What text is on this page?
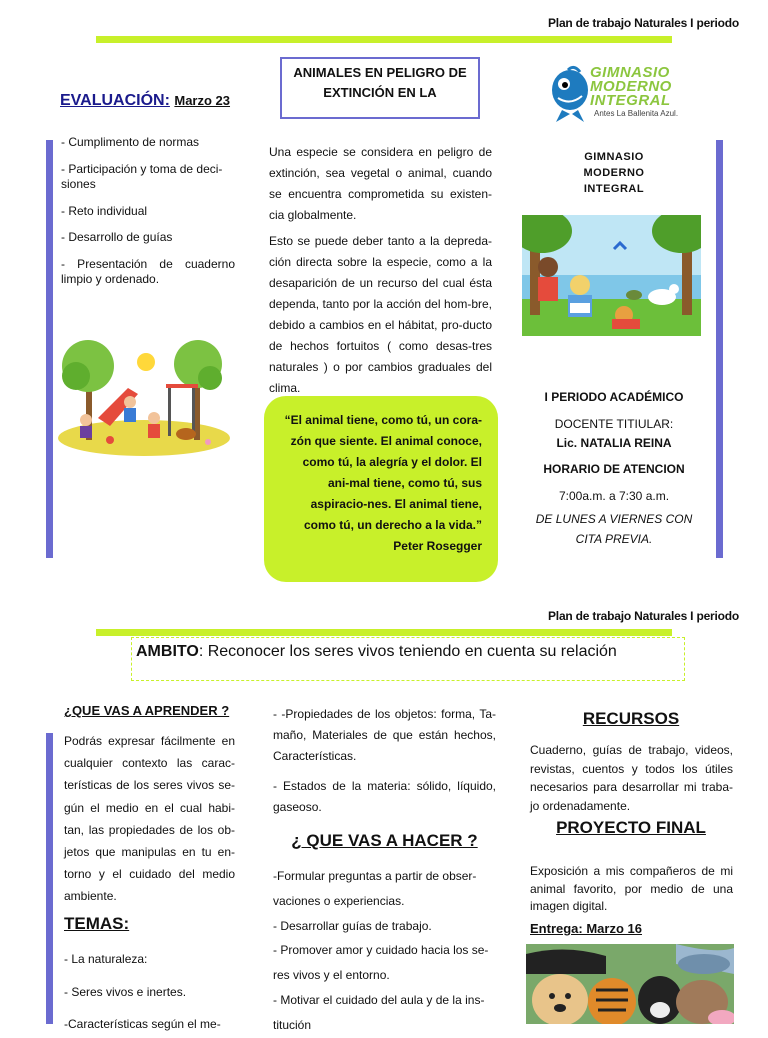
Plan de trabajo Naturales I periodo
EVALUACIÓN: Marzo 23

- Cumplimento de normas

- Participación y toma de deci-siones

- Reto individual

- Desarrollo de guías

- Presentación de cuaderno limpio y ordenado.

ANIMALES EN PELIGRO DE EXTINCIÓN EN LA

Una especie se considera en peligro de extinción, sea vegetal o animal, cuando se encuentra comprometida su existen-cia globalmente.

Esto se puede deber tanto a la depreda-ción directa sobre la especie, como a la desaparición de un recurso del cual ésta dependa, tanto por la acción del hom-bre, debido a cambios en el hábitat, pro-ducto de hechos fortuitos ( como desas-tres naturales ) o por cambios graduales del clima.

“El animal tiene, como tú, un cora-zón que siente. El animal conoce, como tú, la alegría y el dolor. El ani-mal tiene, como tú, sus aspiracio-nes. El animal tiene, como tú, un derecho a la vida.”

Peter Rosegger

GIMNASIO
MODERNO
INTEGRAL
Antes La Ballenita Azul.
GIMNASIO MODERNO INTEGRAL

I PERIODO ACADÉMICO

DOCENTE TITIULAR:

Lic. NATALIA REINA

HORARIO DE ATENCION

7:00a.m. a 7:30 a.m.

DE LUNES A VIERNES CON CITA PREVIA.

Plan de trabajo Naturales I periodo
AMBITO: Reconocer los seres vivos teniendo en cuenta su relación
¿QUE VAS A APRENDER ?
Podrás expresar fácilmente en cualquier contexto las carac-terísticas de los seres vivos se-gún el medio en el cual habi-tan, las propiedades de los ob-jetos que manipulas en tu en-torno y el cuidado del medio ambiente.
TEMAS:

- La naturaleza:

- Seres vivos e inertes.

-Características según el me-

- -Propiedades de los objetos: forma, Ta-maño, Materiales de que están hechos, Características.

- Estados de la materia: sólido, líquido, gaseoso.

¿ QUE VAS A HACER ?

-Formular preguntas a partir de obser-vaciones o experiencias.

- Desarrollar guías de trabajo.

- Promover amor y cuidado hacia los se-res vivos y el entorno.

- Motivar el cuidado del aula y de la ins-titución

RECURSOS
Cuaderno, guías de trabajo, videos, revistas, cuentos y todos los útiles necesarios para desarrollar mi traba-jo ordenadamente.
PROYECTO FINAL
Exposición a mis compañeros de mi animal favorito, por medio de una imagen digital.
Entrega: Marzo 16
